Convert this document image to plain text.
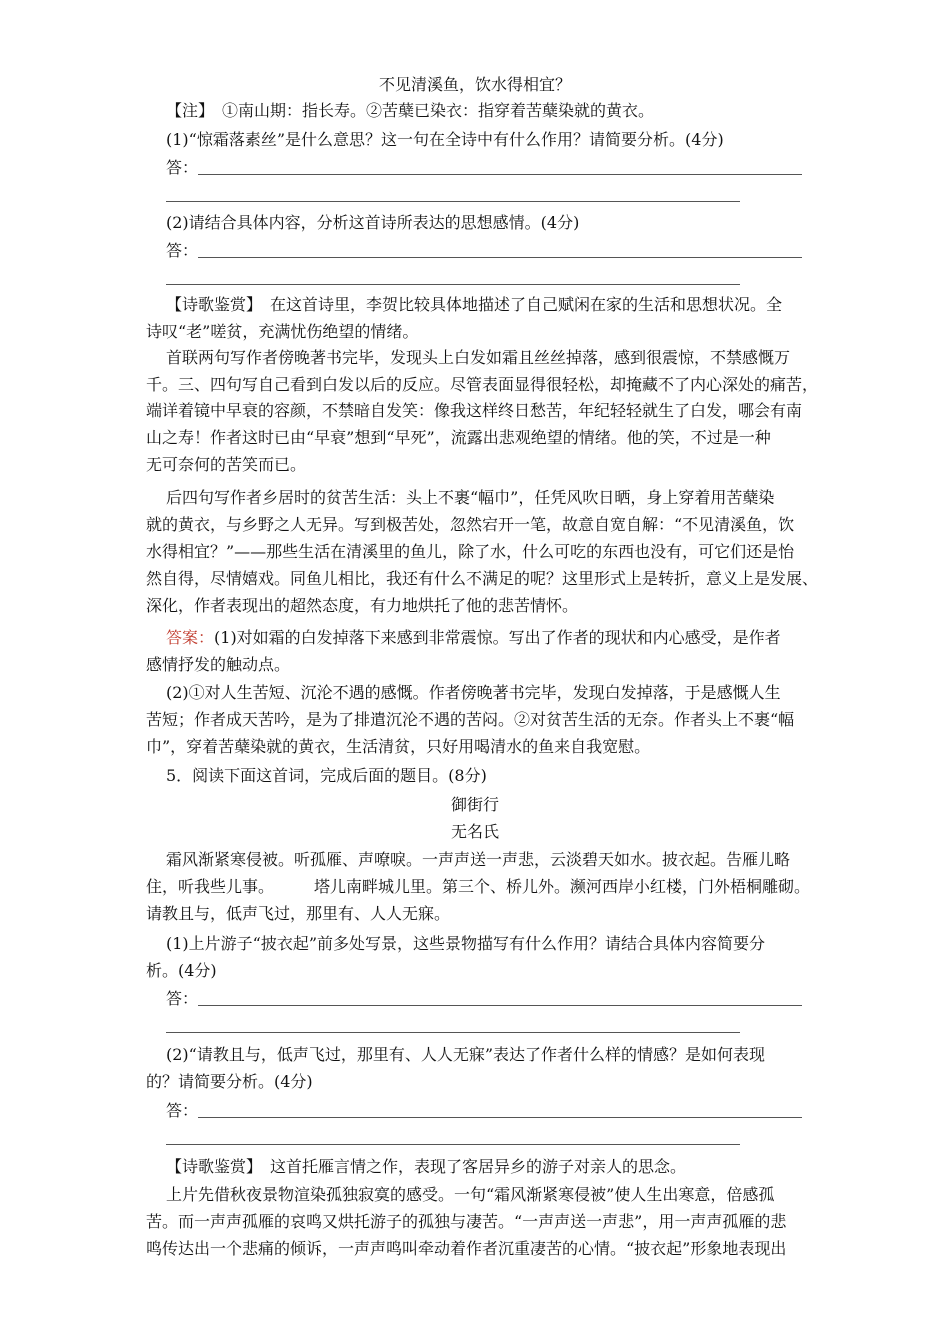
不见清溪鱼，饮水得相宜？
【注】　①南山期：指长寿。②苦蘖已染衣：指穿着苦蘖染就的黄衣。
(1)“惊霜落素丝”是什么意思？这一句在全诗中有什么作用？请简要分析。(4分)
答：
(2)请结合具体内容，分析这首诗所表达的思想感情。(4分)
答：
【诗歌鉴赏】　在这首诗里，李贺比较具体地描述了自己赋闲在家的生活和思想状况。全
诗叹“老”嗟贫，充满忧伤绝望的情绪。
首联两句写作者傍晚著书完毕，发现头上白发如霜且丝丝掉落，感到很震惊，不禁感慨万
千。三、四句写自己看到白发以后的反应。尽管表面显得很轻松，却掩藏不了内心深处的痛苦，
端详着镜中早衰的容颜，不禁暗自发笑：像我这样终日愁苦，年纪轻轻就生了白发，哪会有南
山之寿！作者这时已由“早衰”想到“早死”，流露出悲观绝望的情绪。他的笑，不过是一种
无可奈何的苦笑而已。
后四句写作者乡居时的贫苦生活：头上不裹“幅巾”，任凭风吹日晒，身上穿着用苦蘖染
就的黄衣，与乡野之人无异。写到极苦处，忽然宕开一笔，故意自宽自解：“不见清溪鱼，饮
水得相宜？”——那些生活在清溪里的鱼儿，除了水，什么可吃的东西也没有，可它们还是怡
然自得，尽情嬉戏。同鱼儿相比，我还有什么不满足的呢？这里形式上是转折，意义上是发展、
深化，作者表现出的超然态度，有力地烘托了他的悲苦情怀。
答案：(1)对如霜的白发掉落下来感到非常震惊。写出了作者的现状和内心感受，是作者
感情抒发的触动点。
(2)①对人生苦短、沉沦不遇的感慨。作者傍晚著书完毕，发现白发掉落，于是感慨人生
苦短；作者成天苦吟，是为了排遣沉沦不遇的苦闷。②对贫苦生活的无奈。作者头上不裹“幅
巾”，穿着苦蘖染就的黄衣，生活清贫，只好用喝清水的鱼来自我宽慰。
5．阅读下面这首词，完成后面的题目。(8分)
御街行
无名氏
霜风渐紧寒侵被。听孤雁、声嘹唳。一声声送一声悲，云淡碧天如水。披衣起。告雁儿略
住，听我些儿事。	塔儿南畔城儿里。第三个、桥儿外。濒河西岸小红楼，门外梧桐雕砌。
请教且与，低声飞过，那里有、人人无寐。
(1)上片游子“披衣起”前多处写景，这些景物描写有什么作用？请结合具体内容简要分
析。(4分)
答：
(2)“请教且与，低声飞过，那里有、人人无寐”表达了作者什么样的情感？是如何表现
的？请简要分析。(4分)
答：
【诗歌鉴赏】　这首托雁言情之作，表现了客居异乡的游子对亲人的思念。
上片先借秋夜景物渲染孤独寂寞的感受。一句“霜风渐紧寒侵被”使人生出寒意，倍感孤
苦。而一声声孤雁的哀鸣又烘托游子的孤独与凄苦。“一声声送一声悲”，用一声声孤雁的悲
鸣传达出一个悲痛的倾诉，一声声鸣叫牵动着作者沉重凄苦的心情。“披衣起”形象地表现出
